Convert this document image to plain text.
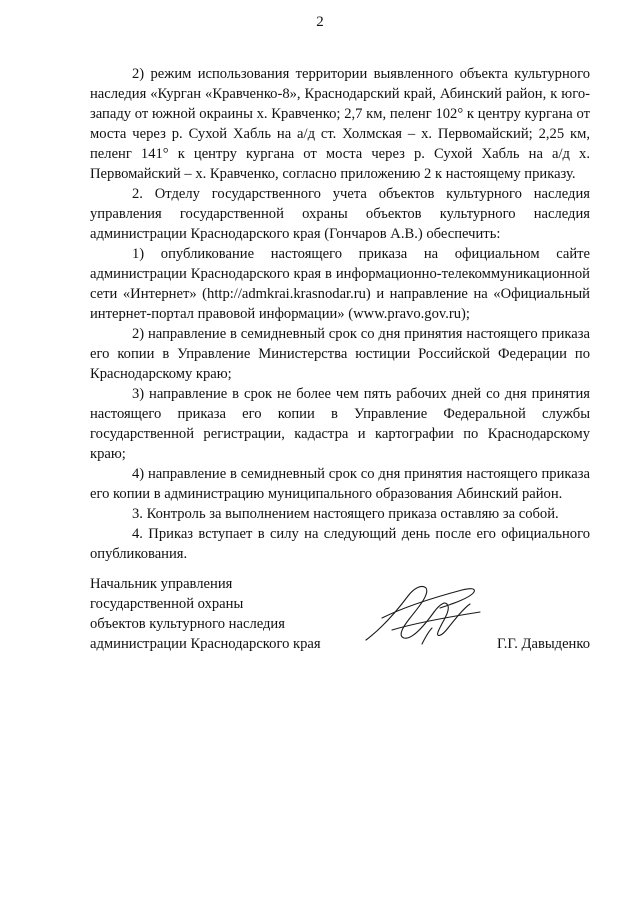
2

2) режим использования территории выявленного объекта культурного наследия «Курган «Кравченко-8», Краснодарский край, Абинский район, к юго-западу от южной окраины х. Кравченко; 2,7 км, пеленг 102° к центру кургана от моста через р. Сухой Хабль на а/д ст. Холмская – х. Первомайский; 2,25 км, пеленг 141° к центру кургана от моста через р. Сухой Хабль на а/д х. Первомайский – х. Кравченко, согласно приложению 2 к настоящему приказу.

2. Отделу государственного учета объектов культурного наследия управления государственной охраны объектов культурного наследия администрации Краснодарского края (Гончаров А.В.) обеспечить:

1) опубликование настоящего приказа на официальном сайте администрации Краснодарского края в информационно-телекоммуникационной сети «Интернет» (http://admkrai.krasnodar.ru) и направление на «Официальный интернет-портал правовой информации» (www.pravo.gov.ru);

2) направление в семидневный срок со дня принятия настоящего приказа его копии в Управление Министерства юстиции Российской Федерации по Краснодарскому краю;

3) направление в срок не более чем пять рабочих дней со дня принятия настоящего приказа его копии в Управление Федеральной службы государственной регистрации, кадастра и картографии по Краснодарскому краю;

4) направление в семидневный срок со дня принятия настоящего приказа его копии в администрацию муниципального образования Абинский район.

3. Контроль за выполнением настоящего приказа оставляю за собой.

4. Приказ вступает в силу на следующий день после его официального опубликования.

Начальник управления
государственной охраны
объектов культурного наследия
администрации Краснодарского края	Г.Г. Давыденко
